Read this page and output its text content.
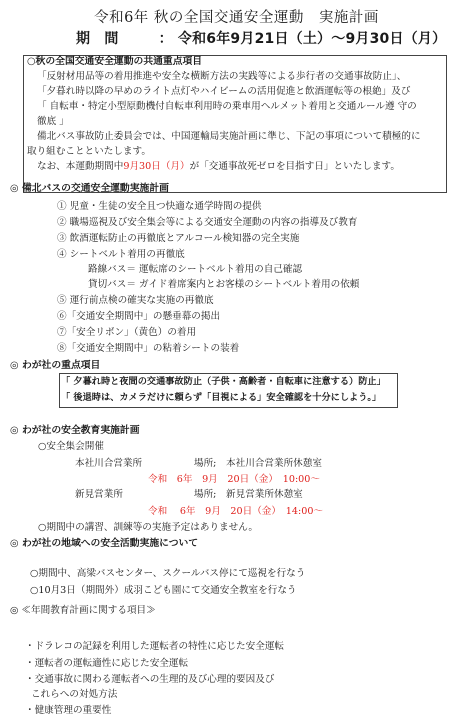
令和6年 秋の全国交通安全運動　実施計画
期　間	： 令和6年9月21日（土）～9月30日（月）
○秋の全国交通安全運動の共通重点項目
「反射材用品等の着用推進や安全な横断方法の実践等による歩行者の交通事故防止」、
「夕暮れ時以降の早めのライト点灯やハイビームの活用促進と飲酒運転等の根絶」及び
「 自転車・特定小型原動機付自転車利用時の乗車用ヘルメット着用と交通ルール遵 守の
徹底 」
備北バス事故防止委員会では、中国運輸局実施計画に準じ、下記の事項について積極的に
取り組むことといたします。
なお、本運動期間中9月30日（月）が「交通事故死ゼロを目指す日」といたします。
◎ 備北バスの交通安全運動実施計画
① 児童・生徒の安全且つ快適な通学時間の提供
② 職場巡視及び安全集会等による交通安全運動の内容の指導及び教育
③ 飲酒運転防止の再徹底とアルコール検知器の完全実施
④ シートベルト着用の再徹底
路線バス＝ 運転席のシートベルト着用の自己確認
貸切バス＝ ガイド着席案内とお客様のシートベルト着用の依頼
⑤ 運行前点検の確実な実施の再徹底
⑥「交通安全期間中」の懸垂幕の掲出
⑦「安全リボン」（黄色）の着用
⑧「交通安全期間中」の粘着シートの装着
◎ わが社の重点項目
「 夕暮れ時と夜間の交通事故防止（子供・高齢者・自転車に注意する）防止」
「 後退時は、カメラだけに頼らず「目視による」安全確認を十分にしよう。」
◎ わが社の安全教育実施計画
○安全集会開催
本社川合営業所	場所;　本社川合営業所休憩室
令和　6年　9月　20日（金）　10:00～
新見営業所	場所;　新見営業所休憩室
令和　 6年　9月　20日（金）　14:00～
○期間中の講習、訓練等の実施予定はありません。
◎ わが社の地域への安全活動実施について
○期間中、高梁バスセンター、スクールバス停にて巡視を行なう
○10月3日（期間外）成羽こども園にて交通安全教室を行なう
◎ ≪年間教育計画に関する項目≫
・ドラレコの記録を利用した運転者の特性に応じた安全運転
・運転者の運転適性に応じた安全運転
・交通事故に関わる運転者への生理的及び心理的要因及び
これらへの対処方法
・健康管理の重要性
